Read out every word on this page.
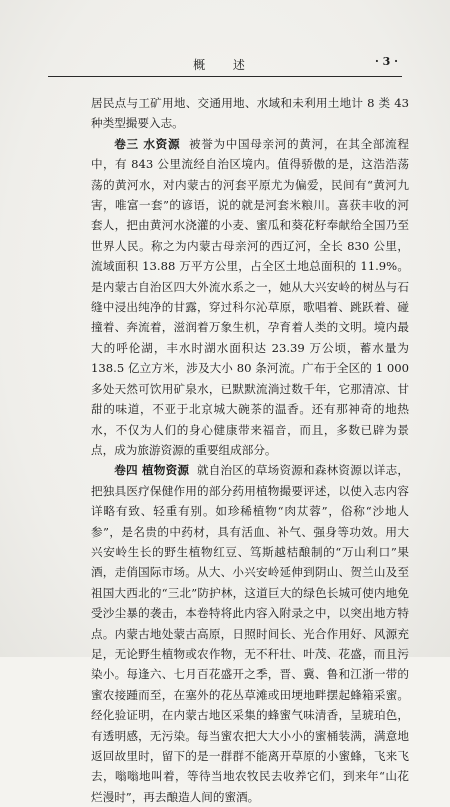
概 述	· 3 ·

居民点与工矿用地、交通用地、水域和未利用土地计 8 类 43 种类型撮要入志。

卷三 水资源 被誉为中国母亲河的黄河，在其全部流程中，有 843 公里流经自治区境内。值得骄傲的是，这浩浩荡荡的黄河水，对内蒙古的河套平原尤为偏爱，民间有“黄河九害，唯富一套”的谚语，说的就是河套米粮川。喜获丰收的河套人，把由黄河水浇灌的小麦、蜜瓜和葵花籽奉献给全国乃至世界人民。称之为内蒙古母亲河的西辽河，全长 830 公里，流域面积 13.88 万平方公里，占全区土地总面积的 11.9%。是内蒙古自治区四大外流水系之一，她从大兴安岭的树丛与石缝中浸出纯净的甘露，穿过科尔沁草原，歌唱着、跳跃着、碰撞着、奔流着，滋润着万象生机，孕育着人类的文明。境内最大的呼伦湖，丰水时湖水面积达 23.39 万公顷，蓄水量为 138.5 亿立方米，涉及大小 80 条河流。广布于全区的 1 000 多处天然可饮用矿泉水，已默默流淌过数千年，它那清凉、甘甜的味道，不亚于北京城大碗茶的温香。还有那神奇的地热水，不仅为人们的身心健康带来福音，而且，多数已辟为景点，成为旅游资源的重要组成部分。

卷四 植物资源 就自治区的草场资源和森林资源以详志，把独具医疗保健作用的部分药用植物撮要评述，以使入志内容详略有致、轻重有别。如珍稀植物“肉苁蓉”，俗称“沙地人参”，是名贵的中药材，具有活血、补气、强身等功效。用大兴安岭生长的野生植物红豆、笃斯越桔酿制的“万山利口”果酒，走俏国际市场。从大、小兴安岭延伸到阴山、贺兰山及至祖国大西北的“三北”防护林，这道巨大的绿色长城可使内地免受沙尘暴的袭击，本卷特将此内容入附录之中，以突出地方特点。内蒙古地处蒙古高原，日照时间长、光合作用好、风源充足，无论野生植物或农作物，无不秆壮、叶茂、花盛，而且污染小。每逢六、七月百花盛开之季，晋、冀、鲁和江浙一带的蜜农接踵而至，在塞外的花丛草滩或田埂地畔摆起蜂箱采蜜。经化验证明，在内蒙古地区采集的蜂蜜气味清香，呈琥珀色，有透明感，无污染。每当蜜农把大大小小的蜜桶装满，满意地返回故里时，留下的是一群群不能离开草原的小蜜蜂，飞来飞去，嗡嗡地叫着，等待当地农牧民去收养它们，到来年“山花烂漫时”，再去酿造人间的蜜酒。
